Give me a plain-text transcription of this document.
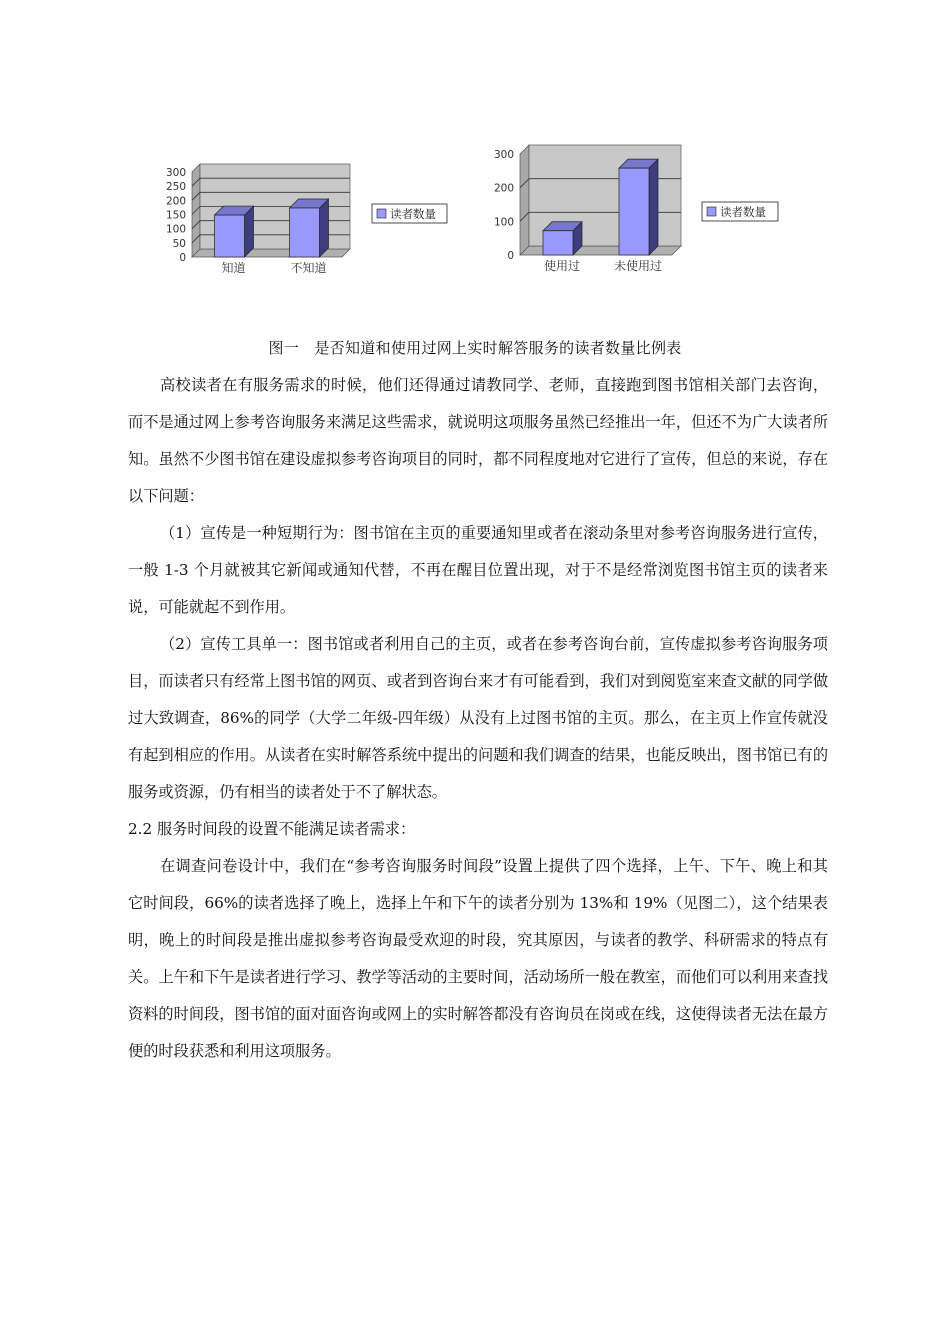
300
250
200
150
100
50
0
知道	不知道
读者数量
300
200
100
0
使用过	未使用过
读者数量
图一　是否知道和使用过网上实时解答服务的读者数量比例表

高校读者在有服务需求的时候，他们还得通过请教同学、老师，直接跑到图书馆相关部门去咨询，而不是通过网上参考咨询服务来满足这些需求，就说明这项服务虽然已经推出一年，但还不为广大读者所知。虽然不少图书馆在建设虚拟参考咨询项目的同时，都不同程度地对它进行了宣传，但总的来说，存在以下问题：

（1）宣传是一种短期行为：图书馆在主页的重要通知里或者在滚动条里对参考咨询服务进行宣传，一般 1-3 个月就被其它新闻或通知代替，不再在醒目位置出现，对于不是经常浏览图书馆主页的读者来说，可能就起不到作用。

（2）宣传工具单一：图书馆或者利用自己的主页，或者在参考咨询台前，宣传虚拟参考咨询服务项目，而读者只有经常上图书馆的网页、或者到咨询台来才有可能看到，我们对到阅览室来查文献的同学做过大致调查，86%的同学（大学二年级-四年级）从没有上过图书馆的主页。那么，在主页上作宣传就没有起到相应的作用。从读者在实时解答系统中提出的问题和我们调查的结果，也能反映出，图书馆已有的服务或资源，仍有相当的读者处于不了解状态。

2.2 服务时间段的设置不能满足读者需求：

在调查问卷设计中，我们在“参考咨询服务时间段”设置上提供了四个选择，上午、下午、晚上和其它时间段，66%的读者选择了晚上，选择上午和下午的读者分别为 13%和 19%（见图二），这个结果表明，晚上的时间段是推出虚拟参考咨询最受欢迎的时段，究其原因，与读者的教学、科研需求的特点有关。上午和下午是读者进行学习、教学等活动的主要时间，活动场所一般在教室，而他们可以利用来查找资料的时间段，图书馆的面对面咨询或网上的实时解答都没有咨询员在岗或在线，这使得读者无法在最方便的时段获悉和利用这项服务。
